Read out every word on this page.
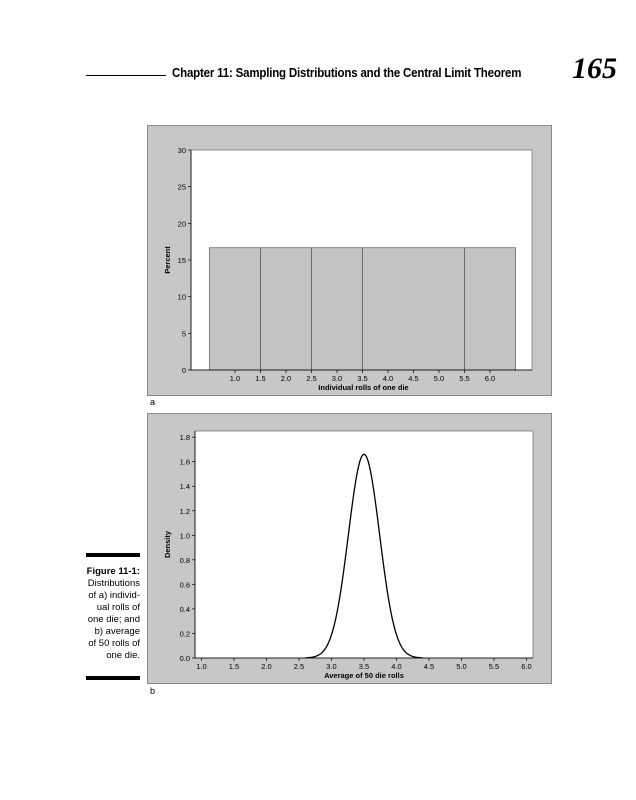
Chapter 11: Sampling Distributions and the Central Limit Theorem 165
0
5
10
15
20
25
30
1.0 1.5 2.0 2.5 3.0 3.5 4.0 4.5 5.0 5.5 6.0
Individual rolls of one die
Percent
a
0.0
0.2
0.4
0.6
0.8
1.0
1.2
1.4
1.6
1.8
1.0	1.5	2.0	2.5	3.0	3.5	4.0	4.5	5.0	5.5	6.0
Average of 50 die rolls
Density
b
Figure 11-1:
Distributions
of a) individ-
ual rolls of
one die; and
b) average
of 50 rolls of
one die.
